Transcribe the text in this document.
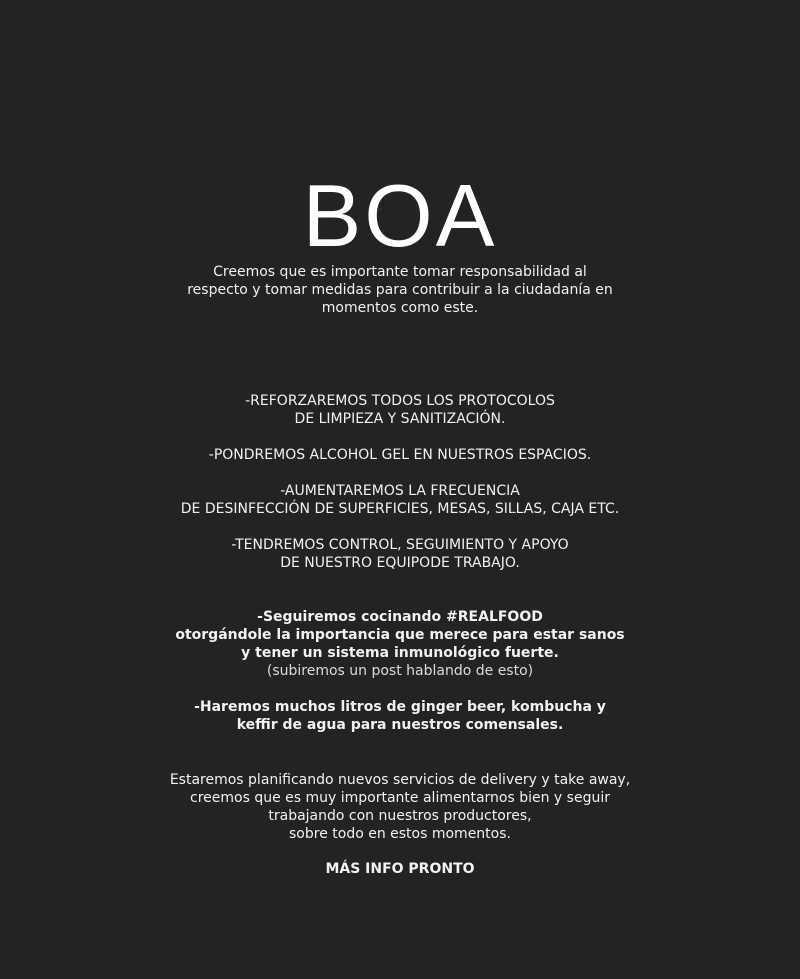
BOA
Creemos que es importante tomar responsabilidad al
respecto y tomar medidas para contribuir a la ciudadanía en
momentos como este.
-REFORZAREMOS TODOS LOS PROTOCOLOS
DE LIMPIEZA Y SANITIZACIÓN.
-PONDREMOS ALCOHOL GEL EN NUESTROS ESPACIOS.
-AUMENTAREMOS LA FRECUENCIA
DE DESINFECCIÓN DE SUPERFICIES, MESAS, SILLAS, CAJA ETC.
-TENDREMOS CONTROL, SEGUIMIENTO Y APOYO
DE NUESTRO EQUIPODE TRABAJO.
-Seguiremos cocinando #REALFOOD
otorgándole la importancia que merece para estar sanos
y tener un sistema inmunológico fuerte.
(subiremos un post hablando de esto)
-Haremos muchos litros de ginger beer, kombucha y
keffir de agua para nuestros comensales.
Estaremos planificando nuevos servicios de delivery y take away,
creemos que es muy importante alimentarnos bien y seguir
trabajando con nuestros productores,
sobre todo en estos momentos.
MÁS INFO PRONTO
